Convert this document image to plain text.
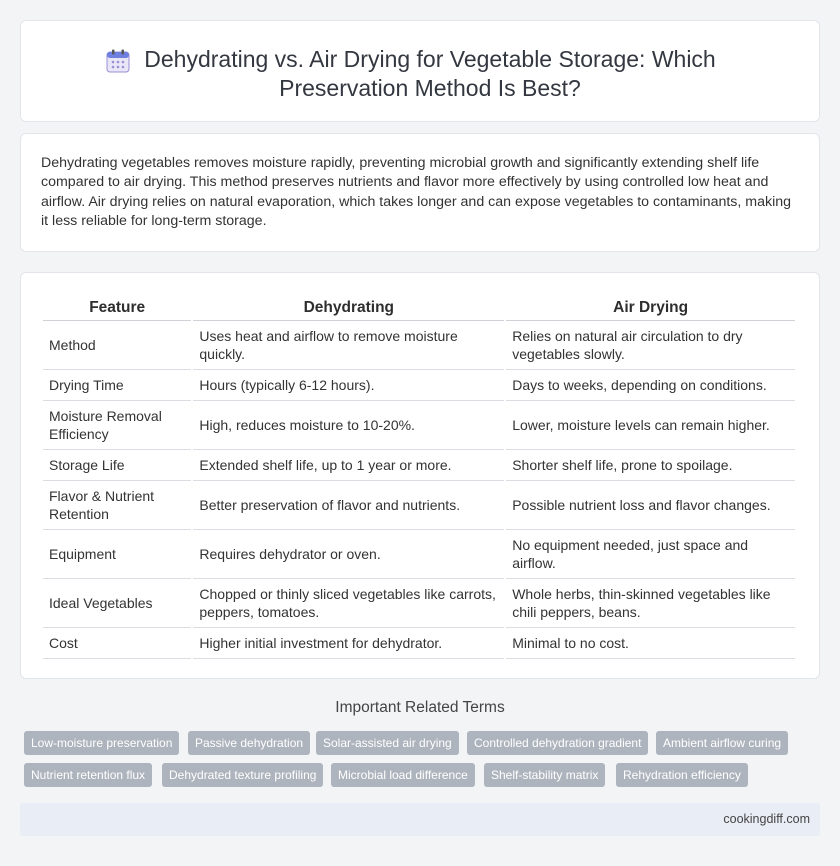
Dehydrating vs. Air Drying for Vegetable Storage: Which Preservation Method Is Best?

Dehydrating vegetables removes moisture rapidly, preventing microbial growth and significantly extending shelf life compared to air drying. This method preserves nutrients and flavor more effectively by using controlled low heat and airflow. Air drying relies on natural evaporation, which takes longer and can expose vegetables to contaminants, making it less reliable for long-term storage.

Feature	Dehydrating	Air Drying
Method	Uses heat and airflow to remove moisture quickly.	Relies on natural air circulation to dry vegetables slowly.
Drying Time	Hours (typically 6-12 hours).	Days to weeks, depending on conditions.
Moisture Removal Efficiency	High, reduces moisture to 10-20%.	Lower, moisture levels can remain higher.
Storage Life	Extended shelf life, up to 1 year or more.	Shorter shelf life, prone to spoilage.
Flavor & Nutrient Retention	Better preservation of flavor and nutrients.	Possible nutrient loss and flavor changes.
Equipment	Requires dehydrator or oven.	No equipment needed, just space and airflow.
Ideal Vegetables	Chopped or thinly sliced vegetables like carrots, peppers, tomatoes.	Whole herbs, thin-skinned vegetables like chili peppers, beans.
Cost	Higher initial investment for dehydrator.	Minimal to no cost.
Important Related Terms
Low-moisture preservation	Passive dehydration	Solar-assisted air drying	Controlled dehydration gradient	Ambient airflow curing
Nutrient retention flux	Dehydrated texture profiling	Microbial load difference	Shelf-stability matrix	Rehydration efficiency
cookingdiff.com
